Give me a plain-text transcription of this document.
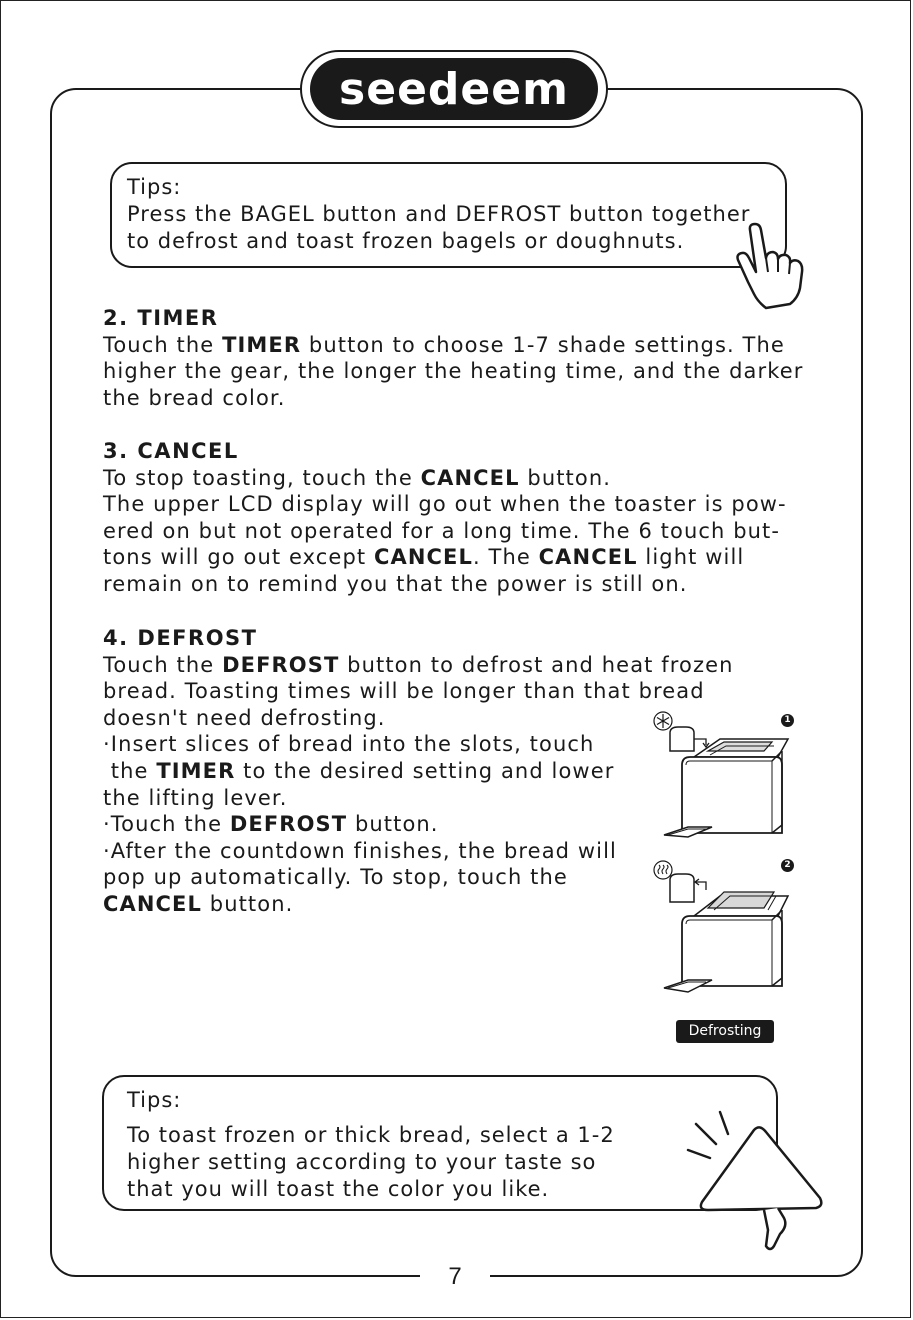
seedeem
Tips:
Press the BAGEL button and DEFROST button together
to defrost and toast frozen bagels or doughnuts.
2. TIMER
Touch the TIMER button to choose 1-7 shade settings. The
higher the gear, the longer the heating time, and the darker
the bread color.
3. CANCEL
To stop toasting, touch the CANCEL button.
The upper LCD display will go out when the toaster is pow-
ered on but not operated for a long time. The 6 touch but-
tons will go out except CANCEL. The CANCEL light will
remain on to remind you that the power is still on.
4. DEFROST
Touch the DEFROST button to defrost and heat frozen
bread. Toasting times will be longer than that bread
doesn't need defrosting.
·Insert slices of bread into the slots, touch
the TIMER to the desired setting and lower
the lifting lever.
·Touch the DEFROST button.
·After the countdown finishes, the bread will
pop up automatically. To stop, touch the
CANCEL button.
1
2
Defrosting
Tips:
To toast frozen or thick bread, select a 1-2
higher setting according to your taste so
that you will toast the color you like.
7
